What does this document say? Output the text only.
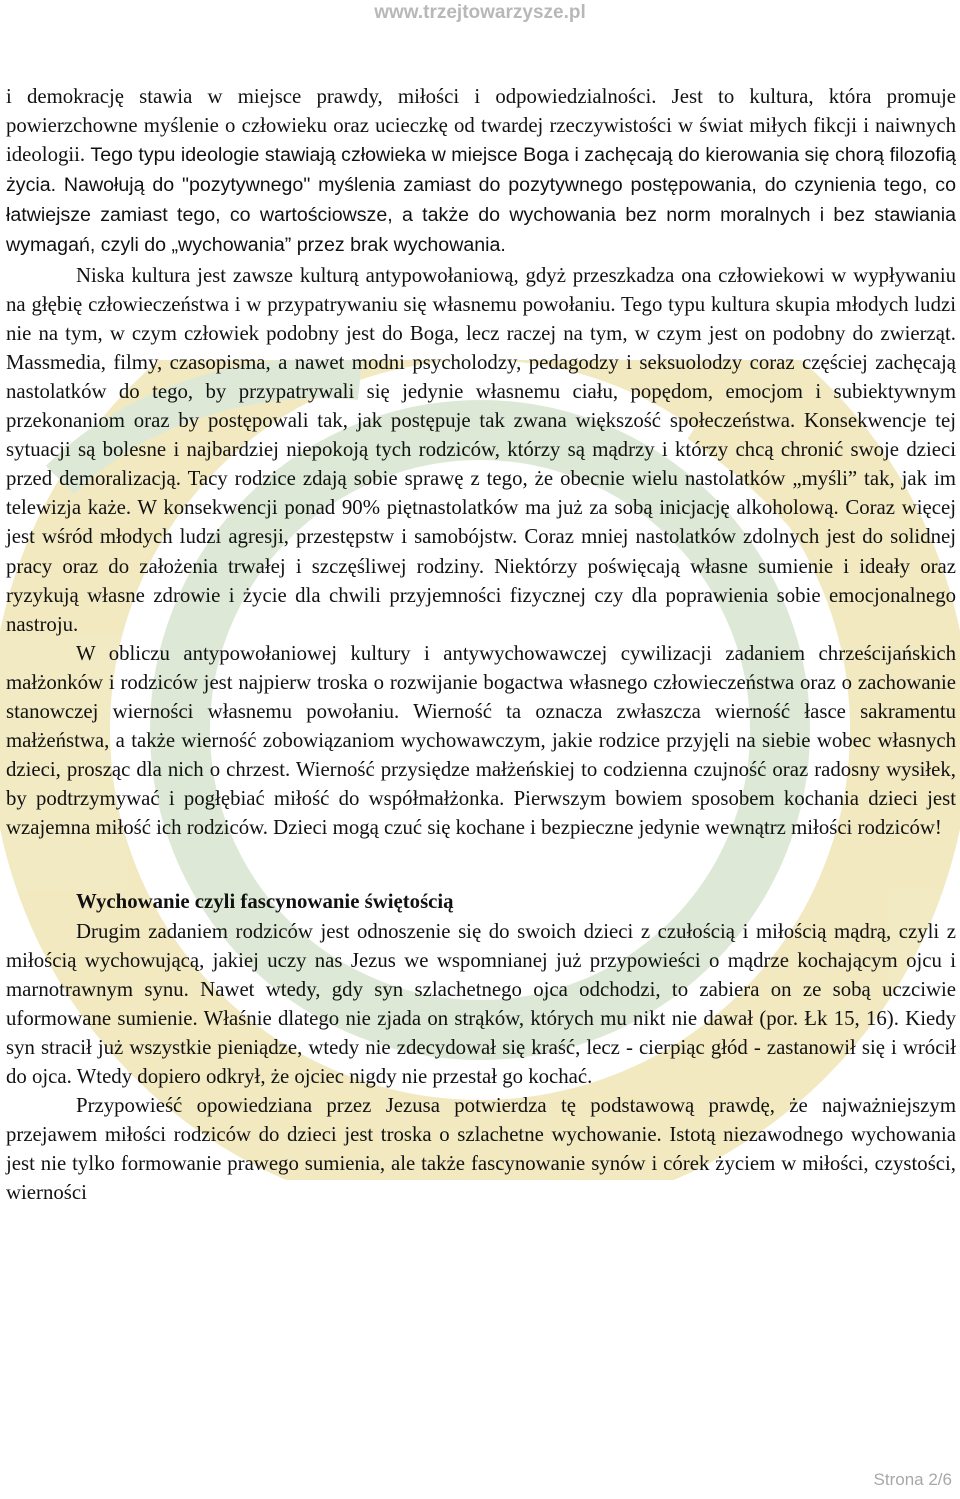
www.trzejtowarzysze.pl

i demokrację stawia w miejsce prawdy, miłości i odpowiedzialności. Jest to kultura, która promuje powierzchowne myślenie o człowieku oraz ucieczkę od twardej rzeczywistości w świat miłych fikcji i naiwnych ideologii. Tego typu ideologie stawiają człowieka w miejsce Boga i zachęcają do kierowania się chorą filozofią życia. Nawołują do "pozytywnego" myślenia zamiast do pozytywnego postępowania, do czynienia tego, co łatwiejsze zamiast tego, co wartościowsze, a także do wychowania bez norm moralnych i bez stawiania wymagań, czyli do „wychowania” przez brak wychowania.

Niska kultura jest zawsze kulturą antypowołaniową, gdyż przeszkadza ona człowiekowi w wypływaniu na głębię człowieczeństwa i w przypatrywaniu się własnemu powołaniu. Tego typu kultura skupia młodych ludzi nie na tym, w czym człowiek podobny jest do Boga, lecz raczej na tym, w czym jest on podobny do zwierząt. Massmedia, filmy, czasopisma, a nawet modni psycholodzy, pedagodzy i seksuolodzy coraz częściej zachęcają nastolatków do tego, by przypatrywali się jedynie własnemu ciału, popędom, emocjom i subiektywnym przekonaniom oraz by postępowali tak, jak postępuje tak zwana większość społeczeństwa. Konsekwencje tej sytuacji są bolesne i najbardziej niepokoją tych rodziców, którzy są mądrzy i którzy chcą chronić swoje dzieci przed demoralizacją. Tacy rodzice zdają sobie sprawę z tego, że obecnie wielu nastolatków „myśli” tak, jak im telewizja każe. W konsekwencji ponad 90% piętnastolatków ma już za sobą inicjację alkoholową. Coraz więcej jest wśród młodych ludzi agresji, przestępstw i samobójstw. Coraz mniej nastolatków zdolnych jest do solidnej pracy oraz do założenia trwałej i szczęśliwej rodziny. Niektórzy poświęcają własne sumienie i ideały oraz ryzykują własne zdrowie i życie dla chwili przyjemności fizycznej czy dla poprawienia sobie emocjonalnego nastroju.

W obliczu antypowołaniowej kultury i antywychowawczej cywilizacji zadaniem chrześcijańskich małżonków i rodziców jest najpierw troska o rozwijanie bogactwa własnego człowieczeństwa oraz o zachowanie stanowczej wierności własnemu powołaniu. Wierność ta oznacza zwłaszcza wierność łasce sakramentu małżeństwa, a także wierność zobowiązaniom wychowawczym, jakie rodzice przyjęli na siebie wobec własnych dzieci, prosząc dla nich o chrzest. Wierność przysiędze małżeńskiej to codzienna czujność oraz radosny wysiłek, by podtrzymywać i pogłębiać miłość do współmałżonka. Pierwszym bowiem sposobem kochania dzieci jest wzajemna miłość ich rodziców. Dzieci mogą czuć się kochane i bezpieczne jedynie wewnątrz miłości rodziców!

Wychowanie czyli fascynowanie świętością

Drugim zadaniem rodziców jest odnoszenie się do swoich dzieci z czułością i miłością mądrą, czyli z miłością wychowującą, jakiej uczy nas Jezus we wspomnianej już przypowieści o mądrze kochającym ojcu i marnotrawnym synu. Nawet wtedy, gdy syn szlachetnego ojca odchodzi, to zabiera on ze sobą uczciwie uformowane sumienie. Właśnie dlatego nie zjada on strąków, których mu nikt nie dawał (por. Łk 15, 16). Kiedy syn stracił już wszystkie pieniądze, wtedy nie zdecydował się kraść, lecz - cierpiąc głód - zastanowił się i wrócił do ojca. Wtedy dopiero odkrył, że ojciec nigdy nie przestał go kochać.

Przypowieść opowiedziana przez Jezusa potwierdza tę podstawową prawdę, że najważniejszym przejawem miłości rodziców do dzieci jest troska o szlachetne wychowanie. Istotą niezawodnego wychowania jest nie tylko formowanie prawego sumienia, ale także fascynowanie synów i córek życiem w miłości, czystości, wierności

Strona 2/6
